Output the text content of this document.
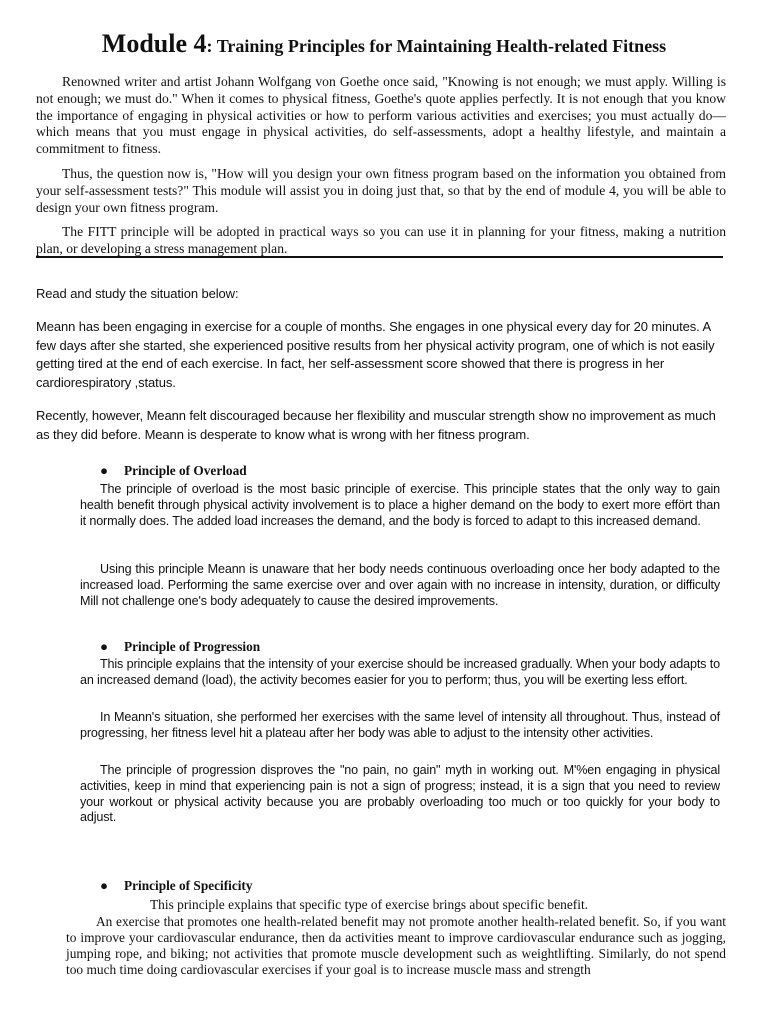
Module 4: Training Principles for Maintaining Health-related Fitness

Renowned writer and artist Johann Wolfgang von Goethe once said, "Knowing is not enough; we must apply. Willing is not enough; we must do." When it comes to physical fitness, Goethe's quote applies perfectly. It is not enough that you know the importance of engaging in physical activities or how to perform various activities and exercises; you must actually do—which means that you must engage in physical activities, do self-assessments, adopt a healthy lifestyle, and maintain a commitment to fitness.

Thus, the question now is, "How will you design your own fitness program based on the information you obtained from your self-assessment tests?" This module will assist you in doing just that, so that by the end of module 4, you will be able to design your own fitness program.

The FITT principle will be adopted in practical ways so you can use it in planning for your fitness, making a nutrition plan, or developing a stress management plan.

Read and study the situation below:

Meann has been engaging in exercise for a couple of months. She engages in one physical every day for 20 minutes. A few days after she started, she experienced positive results from her physical activity program, one of which is not easily getting tired at the end of each exercise. In fact, her self-assessment score showed that there is progress in her cardiorespiratory ,status.

Recently, however, Meann felt discouraged because her flexibility and muscular strength show no improvement as much as they did before. Meann is desperate to know what is wrong with her fitness program.

● Principle of Overload

The principle of overload is the most basic principle of exercise. This principle states that the only way to gain health benefit through physical activity involvement is to place a higher demand on the body to exert more effört than it normally does. The added load increases the demand, and the body is forced to adapt to this increased demand.

Using this principle Meann is unaware that her body needs continuous overloading once her body adapted to the increased load. Performing the same exercise over and over again with no increase in intensity, duration, or difficulty Mill not challenge one's body adequately to cause the desired improvements.

● Principle of Progression

This principle explains that the intensity of your exercise should be increased gradually. When your body adapts to an increased demand (load), the activity becomes easier for you to perform; thus, you will be exerting less effort.

In Meann's situation, she performed her exercises with the same level of intensity all throughout. Thus, instead of progressing, her fitness level hit a plateau after her body was able to adjust to the intensity other activities.

The principle of progression disproves the "no pain, no gain" myth in working out. M'%en engaging in physical activities, keep in mind that experiencing pain is not a sign of progress; instead, it is a sign that you need to review your workout or physical activity because you are probably overloading too much or too quickly for your body to adjust.

● Principle of Specificity

This principle explains that specific type of exercise brings about specific benefit.

An exercise that promotes one health-related benefit may not promote another health-related benefit. So, if you want to improve your cardiovascular endurance, then da activities meant to improve cardiovascular endurance such as jogging, jumping rope, and biking; not activities that promote muscle development such as weightlifting. Similarly, do not spend too much time doing cardiovascular exercises if your goal is to increase muscle mass and strength
